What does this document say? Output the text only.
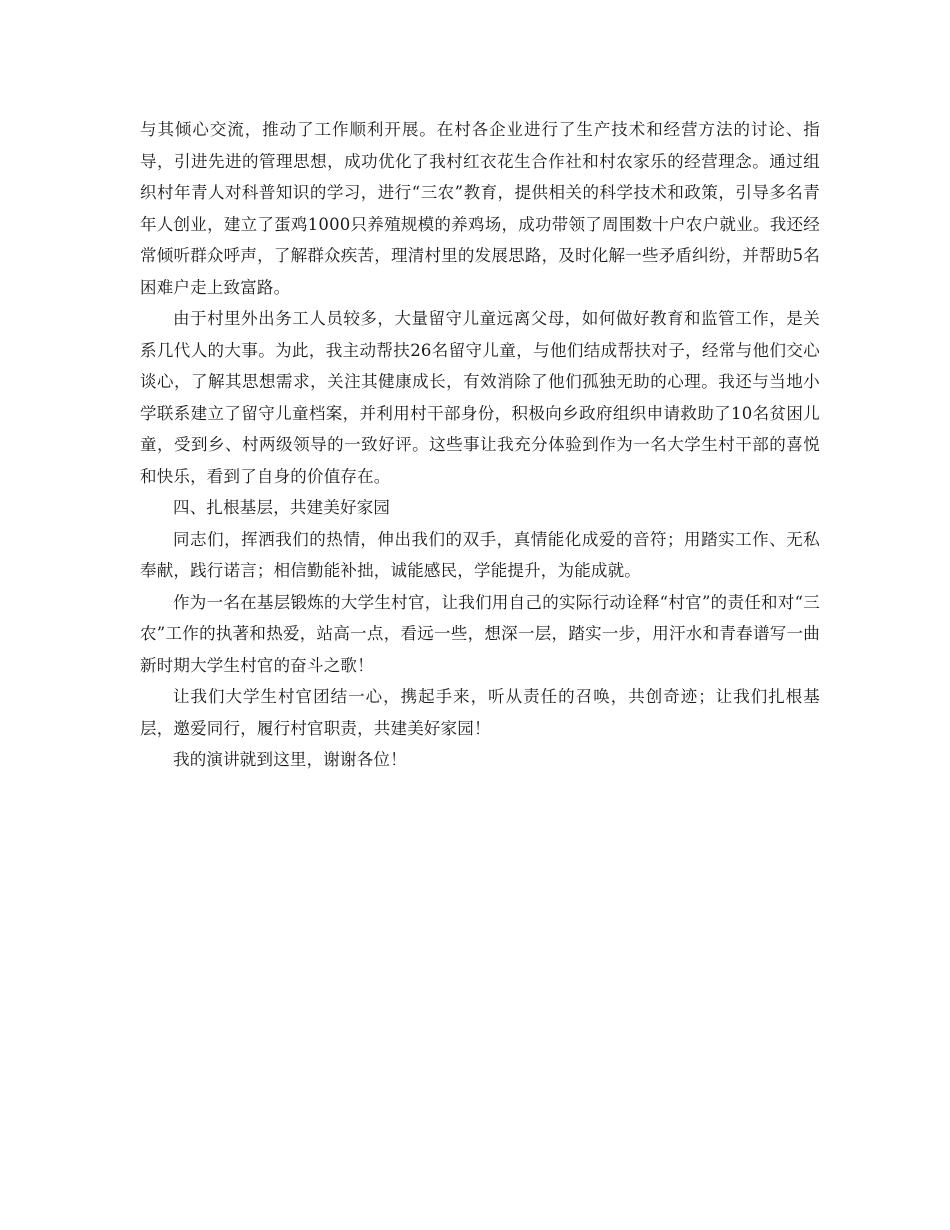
与其倾心交流，推动了工作顺利开展。在村各企业进行了生产技术和经营方法的讨论、指导，引进先进的管理思想，成功优化了我村红衣花生合作社和村农家乐的经营理念。通过组织村年青人对科普知识的学习，进行“三农”教育，提供相关的科学技术和政策，引导多名青年人创业，建立了蛋鸡1000只养殖规模的养鸡场，成功带领了周围数十户农户就业。我还经常倾听群众呼声，了解群众疾苦，理清村里的发展思路，及时化解一些矛盾纠纷，并帮助5名困难户走上致富路。

由于村里外出务工人员较多，大量留守儿童远离父母，如何做好教育和监管工作，是关系几代人的大事。为此，我主动帮扶26名留守儿童，与他们结成帮扶对子，经常与他们交心谈心，了解其思想需求，关注其健康成长，有效消除了他们孤独无助的心理。我还与当地小学联系建立了留守儿童档案，并利用村干部身份，积极向乡政府组织申请救助了10名贫困儿童，受到乡、村两级领导的一致好评。这些事让我充分体验到作为一名大学生村干部的喜悦和快乐，看到了自身的价值存在。

四、扎根基层，共建美好家园

同志们，挥洒我们的热情，伸出我们的双手，真情能化成爱的音符；用踏实工作、无私奉献，践行诺言；相信勤能补拙，诚能感民，学能提升，为能成就。

作为一名在基层锻炼的大学生村官，让我们用自己的实际行动诠释“村官”的责任和对“三农”工作的执著和热爱，站高一点，看远一些，想深一层，踏实一步，用汗水和青春谱写一曲新时期大学生村官的奋斗之歌！

让我们大学生村官团结一心，携起手来，听从责任的召唤，共创奇迹；让我们扎根基层，邀爱同行，履行村官职责，共建美好家园！

我的演讲就到这里，谢谢各位！
